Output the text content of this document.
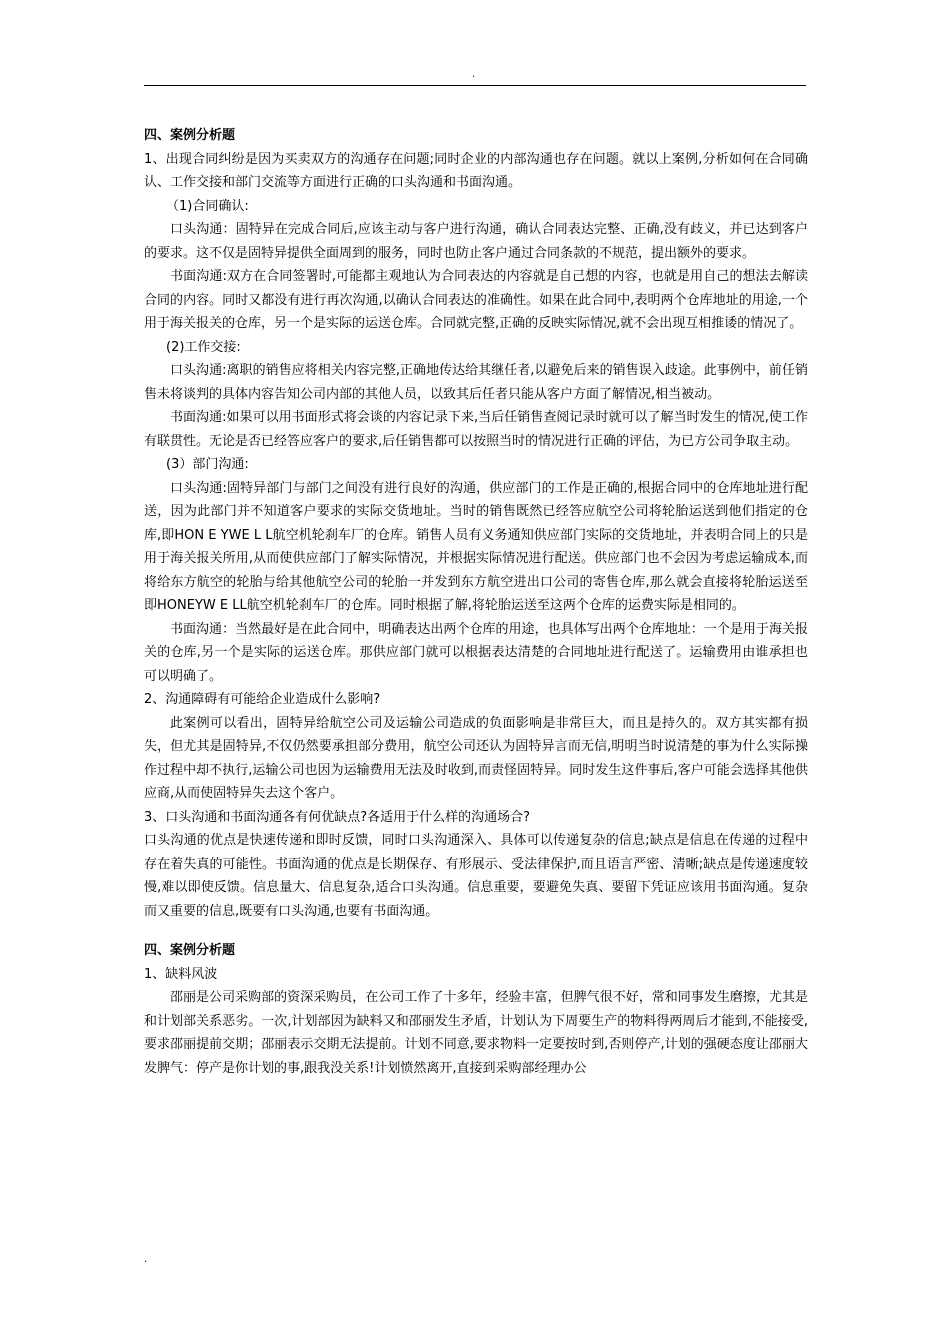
.

四、案例分析题

1、出现合同纠纷是因为买卖双方的沟通存在问题;同时企业的内部沟通也存在问题。就以上案例,分析如何在合同确认、工作交接和部门交流等方面进行正确的口头沟通和书面沟通。

（1)合同确认:

口头沟通：固特异在完成合同后,应该主动与客户进行沟通，确认合同表达完整、正确,没有歧义，并已达到客户的要求。这不仅是固特异提供全面周到的服务，同时也防止客户通过合同条款的不规范，提出额外的要求。

书面沟通:双方在合同签署时,可能都主观地认为合同表达的内容就是自己想的内容，也就是用自己的想法去解读合同的内容。同时又都没有进行再次沟通,以确认合同表达的准确性。如果在此合同中,表明两个仓库地址的用途,一个用于海关报关的仓库，另一个是实际的运送仓库。合同就完整,正确的反映实际情况,就不会出现互相推诿的情况了。

(2)工作交接:

口头沟通:离职的销售应将相关内容完整,正确地传达给其继任者,以避免后来的销售误入歧途。此事例中，前任销售未将谈判的具体内容告知公司内部的其他人员，以致其后任者只能从客户方面了解情况,相当被动。

书面沟通:如果可以用书面形式将会谈的内容记录下来,当后任销售查阅记录时就可以了解当时发生的情况,使工作有联贯性。无论是否已经答应客户的要求,后任销售都可以按照当时的情况进行正确的评估，为已方公司争取主动。

(3）部门沟通:

口头沟通:固特异部门与部门之间没有进行良好的沟通，供应部门的工作是正确的,根据合同中的仓库地址进行配送，因为此部门并不知道客户要求的实际交货地址。当时的销售既然已经答应航空公司将轮胎运送到他们指定的仓库,即HON E YWE L L航空机轮刹车厂的仓库。销售人员有义务通知供应部门实际的交货地址，并表明合同上的只是用于海关报关所用,从而使供应部门了解实际情况，并根据实际情况进行配送。供应部门也不会因为考虑运输成本,而将给东方航空的轮胎与给其他航空公司的轮胎一并发到东方航空进出口公司的寄售仓库,那么就会直接将轮胎运送至即HONEYW E LL航空机轮刹车厂的仓库。同时根据了解,将轮胎运送至这两个仓库的运费实际是相同的。

书面沟通：当然最好是在此合同中，明确表达出两个仓库的用途，也具体写出两个仓库地址：一个是用于海关报关的仓库,另一个是实际的运送仓库。那供应部门就可以根据表达清楚的合同地址进行配送了。运输费用由谁承担也可以明确了。

2、沟通障碍有可能给企业造成什么影响?

此案例可以看出，固特异给航空公司及运输公司造成的负面影响是非常巨大，而且是持久的。双方其实都有损失，但尤其是固特异,不仅仍然要承担部分费用，航空公司还认为固特异言而无信,明明当时说清楚的事为什么实际操作过程中却不执行,运输公司也因为运输费用无法及时收到,而责怪固特异。同时发生这件事后,客户可能会选择其他供应商,从而使固特异失去这个客户。

3、口头沟通和书面沟通各有何优缺点?各适用于什么样的沟通场合?

口头沟通的优点是快速传递和即时反馈，同时口头沟通深入、具体可以传递复杂的信息;缺点是信息在传递的过程中存在着失真的可能性。书面沟通的优点是长期保存、有形展示、受法律保护,而且语言严密、清晰;缺点是传递速度较慢,难以即使反馈。信息量大、信息复杂,适合口头沟通。信息重要，要避免失真、要留下凭证应该用书面沟通。复杂而又重要的信息,既要有口头沟通,也要有书面沟通。

四、案例分析题

1、缺料风波

邵丽是公司采购部的资深采购员，在公司工作了十多年，经验丰富，但脾气很不好，常和同事发生磨擦，尤其是和计划部关系恶劣。一次,计划部因为缺料又和邵丽发生矛盾，计划认为下周要生产的物料得两周后才能到,不能接受,要求邵丽提前交期；邵丽表示交期无法提前。计划不同意,要求物料一定要按时到,否则停产,计划的强硬态度让邵丽大发脾气：停产是你计划的事,跟我没关系!计划愤然离开,直接到采购部经理办公

.
